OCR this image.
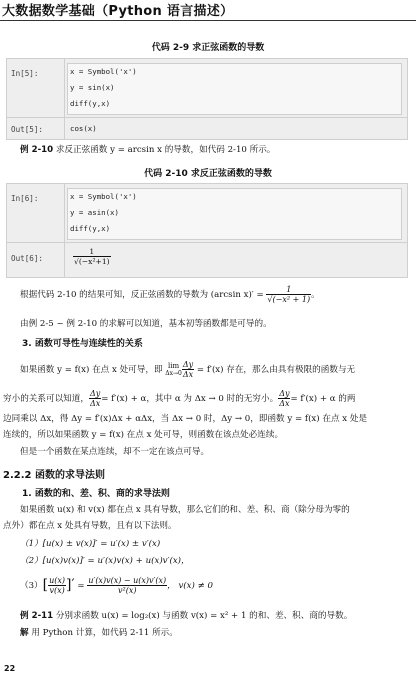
大数据数学基础（Python 语言描述）
代码 2-9 求正弦函数的导数
In[5]:	x = Symbol('x')
y = sin(x)
diff(y,x)
Out[5]:	cos(x)
例 2-10 求反正弦函数 y = arcsin x 的导数，如代码 2-10 所示。
代码 2-10 求反正弦函数的导数
In[6]:	x = Symbol('x')
y = asin(x)
diff(y,x)
Out[6]:	$\frac{1}{\text{√(−x²+1)}}$
根据代码 2-10 的结果可知，反正弦函数的导数为 (arcsin $x)' = \frac{1}{\text{√(−x² + 1)}}$ 。
由例 2-5 ~ 例 2-10 的求解可以知道，基本初等函数都是可导的。
3. 函数可导性与连续性的关系
如果函数 y = f(x) 在点 x 处可导，即 lim
$\Delta x\to 0 \frac{\Delta y}{\Delta x} = f'(x)$ 存在，那么由具有极限的函数与无
穷小的关系可以知道， $\frac{\Delta y}{\Delta x} = f'(x) + \alpha$，其中 α 为 Δx → 0 时的无穷小。 $\frac{\Delta y}{\Delta x} = f'(x) + \alpha$ 的两
边同乘以 Δx，得 Δy = f′(x)Δx + αΔx，当 Δx → 0 时，Δy → 0，即函数 y = f(x) 在点 x 处是
连续的，所以如果函数 y = f(x) 在点 x 处可导，则函数在该点处必连续。
但是一个函数在某点连续，却不一定在该点可导。
2.2.2 函数的求导法则
1. 函数的和、差、积、商的求导法则
如果函数 u(x) 和 v(x) 都在点 x 具有导数，那么它们的和、差、积、商（除分母为零的
点外）都在点 x 处具有导数，且有以下法则。
（1）[u(x) ± v(x)]′ = u′(x) ± v′(x)
（2）[u(x)v(x)]′ = u′(x)v(x) + u(x)v′(x)，
$(3)[ \frac{u(x)}{v(x)}$ ]′ = $\frac{u'(x)v(x) - u(x)v'(x)}{\text{v²(x)}}$ ， v(x) ≠ 0
例 2-11 分别求函数 u(x) = log₂(x) 与函数 v(x) = x² + 1 的和、差、积、商的导数。
解 用 Python 计算，如代码 2-11 所示。
22
